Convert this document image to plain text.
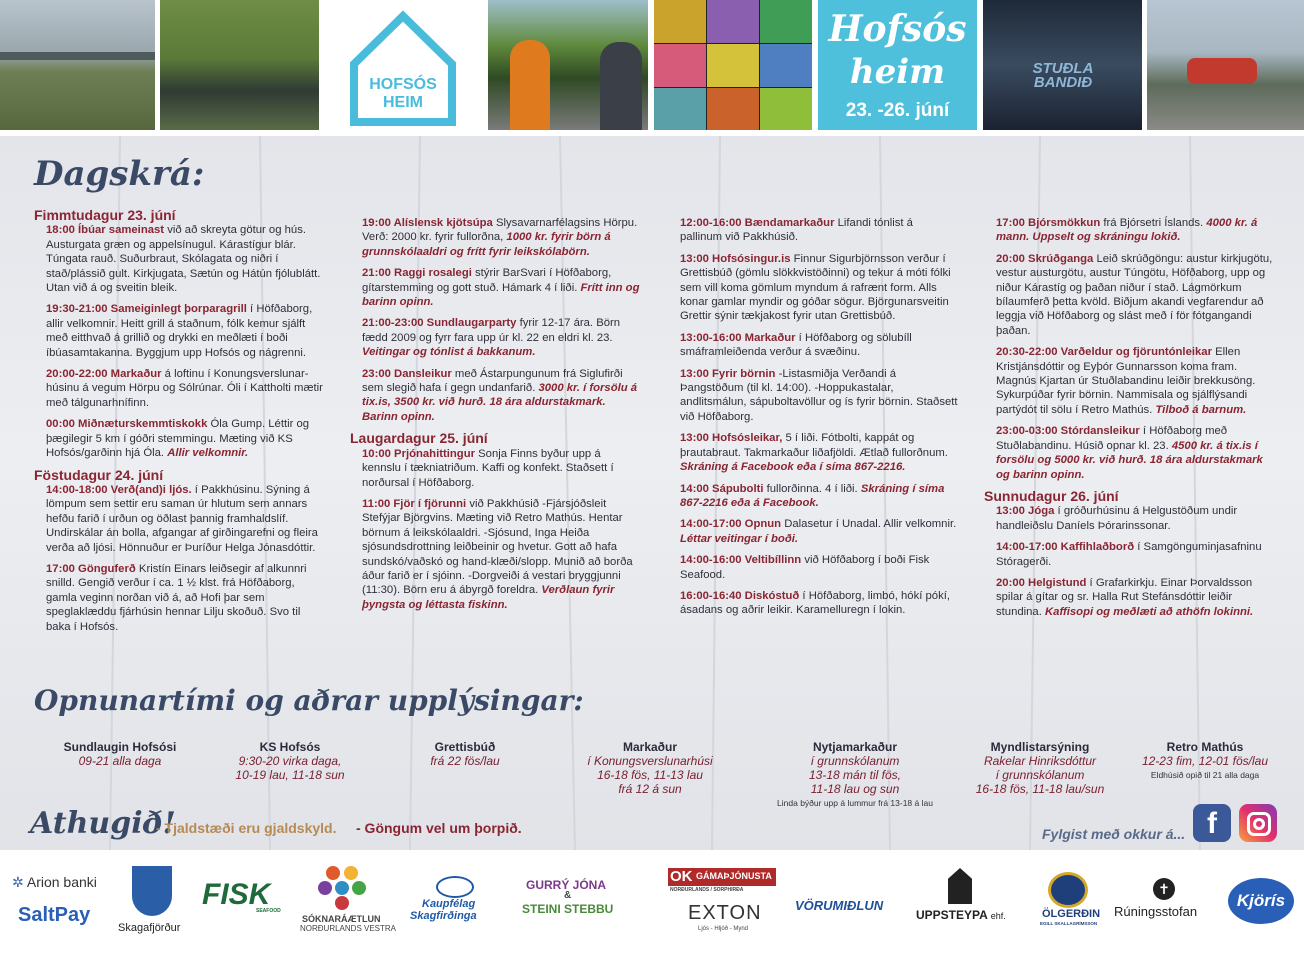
HOFSÓS
HEIM
Hofsós
heim
23. -26. júní
STUÐLA BANDIÐ
Dagskrá:
Fimmtudagur 23. júní
18:00 Íbúar sameinast við að skreyta götur og hús. Austurgata græn og appelsínugul. Kárastígur blár. Túngata rauð. Suðurbraut, Skólagata og niðri í stað/plássið gult. Kirkjugata, Sætún og Hátún fjólublátt. Utan við á og sveitin bleik.
19:30-21:00 Sameiginlegt þorparagrill í Höfðaborg, allir velkomnir. Heitt grill á staðnum, fólk kemur sjálft með eitthvað á grillið og drykki en meðlæti í boði íbúasamtakanna. Byggjum upp Hofsós og nágrenni.
20:00-22:00 Markaður á loftinu í Konungsverslunar-húsinu á vegum Hörpu og Sólrúnar. Óli í Kattholti mætir með tálgunarhnífinn.
00:00 Miðnæturskemmtiskokk Óla Gump. Léttir og þægilegir 5 km í góðri stemmingu. Mæting við KS Hofsós/garðinn hjá Óla. Allir velkomnir.
Föstudagur 24. júní
14:00-18:00 Verð(and)i ljós. í Pakkhúsinu. Sýning á lömpum sem settir eru saman úr hlutum sem annars hefðu farið í urðun og öðlast þannig framhaldslíf. Undirskálar án bolla, afgangar af girðingarefni og fleira verða að ljósi. Hönnuður er Þuríður Helga Jónasdóttir.
17:00 Gönguferð Kristín Einars leiðsegir af alkunnri snilld. Gengið verður í ca. 1 ½ klst. frá Höfðaborg, gamla veginn norðan við á, að Hofi þar sem speglaklæddu fjárhúsin hennar Lilju skoðuð. Svo til baka í Hofsós.
19:00 Alíslensk kjötsúpa Slysavarnarfélagsins Hörpu. Verð: 2000 kr. fyrir fullorðna, 1000 kr. fyrir börn á grunnskólaaldri og frítt fyrir leikskólabörn.
21:00 Raggi rosalegi stýrir BarSvari í Höfðaborg, gítarstemming og gott stuð. Hámark 4 í liði. Frítt inn og barinn opinn.
21:00-23:00 Sundlaugarparty fyrir 12-17 ára. Börn fædd 2009 og fyrr fara upp úr kl. 22 en eldri kl. 23. Veitingar og tónlist á bakkanum.
23:00 Dansleikur með Ástarpungunum frá Siglufirði sem slegið hafa í gegn undanfarið. 3000 kr. í forsölu á tix.is, 3500 kr. við hurð. 18 ára aldurstakmark. Barinn opinn.
Laugardagur 25. júní
10:00 Prjónahittingur Sonja Finns byður upp á kennslu í tækniatriðum. Kaffi og konfekt. Staðsett í norðursal í Höfðaborg.
11:00 Fjör í fjörunni við Pakkhúsið -Fjársjóðsleit Stefýjar Björgvins. Mæting við Retro Mathús. Hentar börnum á leikskólaaldri. -Sjósund, Inga Heiða sjósundsdrottning leiðbeinir og hvetur. Gott að hafa sundskó/vaðskó og hand-klæði/slopp. Munið að borða áður farið er í sjóinn. -Dorgveiði á vestari bryggjunni (11:30). Börn eru á ábyrgð foreldra. Verðlaun fyrir þyngsta og léttasta fiskinn.
12:00-16:00 Bændamarkaður Lifandi tónlist á pallinum við Pakkhúsið.
13:00 Hofsósingur.is Finnur Sigurbjörnsson verður í Grettisbúð (gömlu slökkvistöðinni) og tekur á móti fólki sem vill koma gömlum myndum á rafrænt form. Alls konar gamlar myndir og góðar sögur. Björgunarsveitin Grettir sýnir tækjakost fyrir utan Grettisbúð.
13:00-16:00 Markaður í Höfðaborg og sölubíll smáframleiðenda verður á svæðinu.
13:00 Fyrir börnin -Listasmiðja Verðandi á Þangstöðum (til kl. 14:00). -Hoppukastalar, andlitsmálun, sápuboltavöllur og ís fyrir börnin. Staðsett við Höfðaborg.
13:00 Hofsósleikar, 5 í liði. Fótbolti, kappát og þrautabraut. Takmarkaður liðafjöldi. Ætlað fullorðnum. Skráning á Facebook eða í síma 867-2216.
14:00 Sápubolti fullorðinna. 4 í liði. Skráning í síma 867-2216 eða á Facebook.
14:00-17:00 Opnun Dalasetur í Unadal. Allir velkomnir. Léttar veitingar í boði.
14:00-16:00 Veltibíllinn við Höfðaborg í boði Fisk Seafood.
16:00-16:40 Diskóstuð í Höfðaborg, limbó, hókí pókí, ásadans og aðrir leikir. Karamelluregn í lokin.
17:00 Bjórsmökkun frá Bjórsetri Íslands. 4000 kr. á mann. Uppselt og skráningu lokið.
20:00 Skrúðganga Leið skrúðgöngu: austur kirkjugötu, vestur austurgötu, austur Túngötu, Höfðaborg, upp og niður Kárastíg og þaðan niður í stað. Lágmörkum bílaumferð þetta kvöld. Biðjum akandi vegfarendur að leggja við Höfðaborg og slást með í för fótgangandi þaðan.
20:30-22:00 Varðeldur og fjöruntónleikar Ellen Kristjánsdóttir og Eyþór Gunnarsson koma fram. Magnús Kjartan úr Stuðlabandinu leiðir brekkusöng. Sykurpúðar fyrir börnin. Nammisala og sjálflýsandi partýdót til sölu í Retro Mathús. Tilboð á barnum.
23:00-03:00 Stórdansleikur í Höfðaborg með Stuðlabandinu. Húsið opnar kl. 23. 4500 kr. á tix.is í forsölu og 5000 kr. við hurð. 18 ára aldurstakmark og barinn opinn.
Sunnudagur 26. júní
13:00 Jóga í gróðurhúsinu á Helgustöðum undir handleiðslu Daníels Þórarinssonar.
14:00-17:00 Kaffihlaðborð í Samgönguminjasafninu Stóragerði.
20:00 Helgistund í Grafarkirkju. Einar Þorvaldsson spilar á gítar og sr. Halla Rut Stefánsdóttir leiðir stundina. Kaffisopi og meðlæti að athöfn lokinni.
Opnunartími og aðrar upplýsingar:
Sundlaugin Hofsósi
09-21 alla daga
KS Hofsós
9:30-20 virka daga,
10-19 lau, 11-18 sun
Grettisbúð
frá 22 fös/lau
Markaður
í Konungsverslunarhúsi
16-18 fös, 11-13 lau
frá 12 á sun
Nytjamarkaður
í grunnskólanum
13-18 mán til fös,
11-18 lau og sun
Linda býður upp á lummur frá 13-18 á lau
Myndlistarsýning
Rakelar Hinriksdóttur
í grunnskólanum
16-18 fös, 11-18 lau/sun
Retro Mathús
12-23 fim, 12-01 fös/lau
Eldhúsið opið til 21 alla daga
Athugið!
- Tjaldstæði eru gjaldskyld. - Göngum vel um þorpið.	Fylgist með okkur á... f
✲ Arion banki
SaltPay
Skagafjörður
FISK
SEAFOOD
SÓKNARÁÆTLUN
NORÐURLANDS VESTRA
Kaupfélag
Skagfirðinga
GURRÝ JÓNA
&
STEINI STEBBU
OK GÁMAÞJÓNUSTA
NORÐURLANDS / SORPHIRÐA
EXTON
Ljós - Hljóð - Mynd
VÖRUMIÐLUN
UPPSTEYPA ehf.	ÖLGERÐIN
EGILL SKALLAGRÍMSSON
✝
Rúningsstofan
Kjörís
